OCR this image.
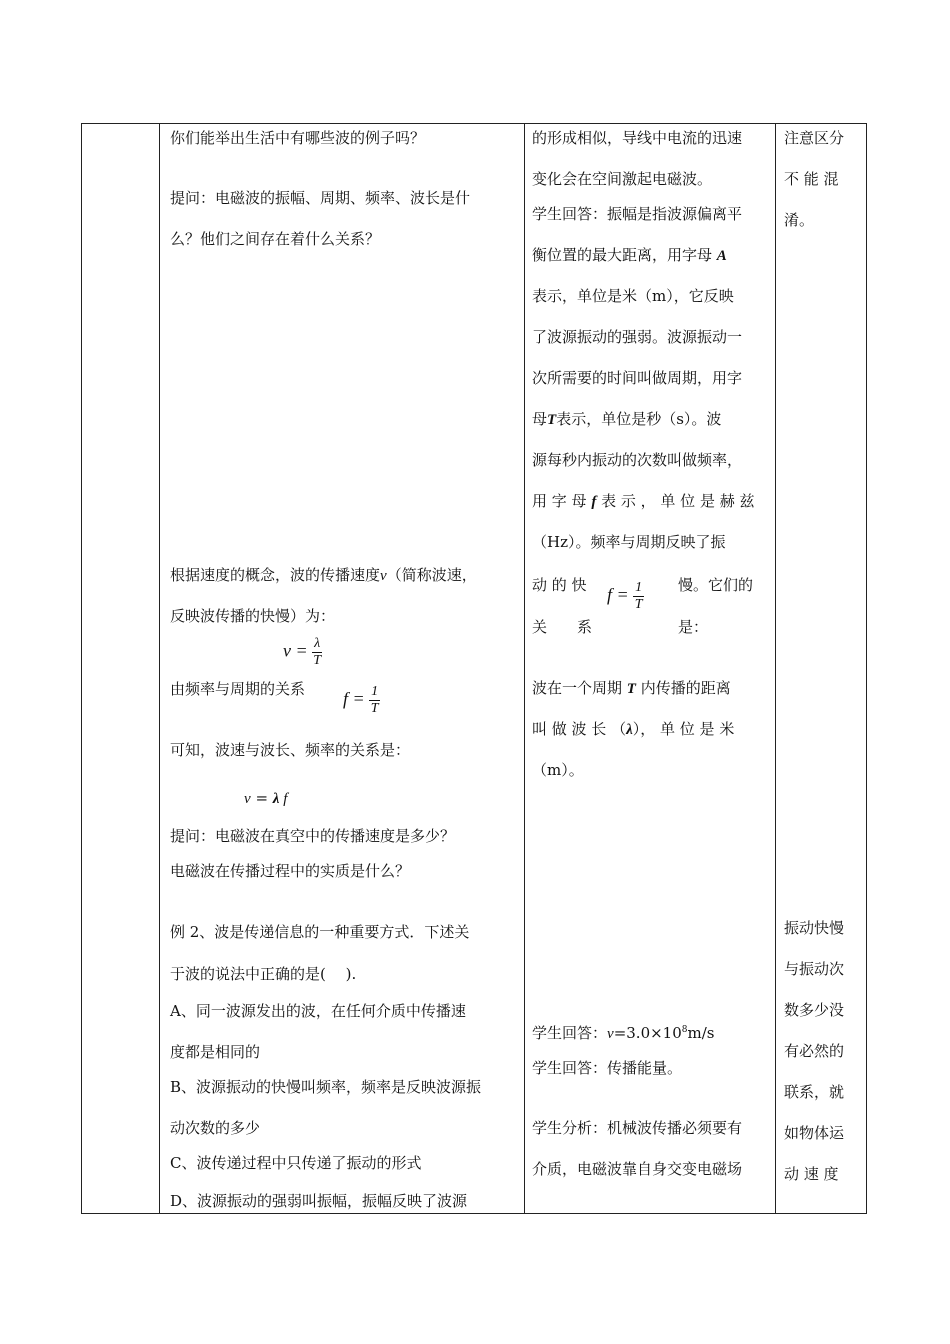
你们能举出生活中有哪些波的例子吗？
提问：电磁波的振幅、周期、频率、波长是什
么？他们之间存在着什么关系？
根据速度的概念，波的传播速度v（简称波速，
反映波传播的快慢）为：
$v = \frac{\lambda}{T}$
由频率与周期的关系 $f = \frac{1}{T}$
可知，波速与波长、频率的关系是：
v = λ f
提问：电磁波在真空中的传播速度是多少？
电磁波在传播过程中的实质是什么？
例 2、波是传递信息的一种重要方式．下述关
于波的说法中正确的是(　 ).
A、同一波源发出的波，在任何介质中传播速
度都是相同的
B、波源振动的快慢叫频率，频率是反映波源振
动次数的多少
C、波传递过程中只传递了振动的形式
D、波源振动的强弱叫振幅，振幅反映了波源
的形成相似，导线中电流的迅速
变化会在空间激起电磁波。
学生回答：振幅是指波源偏离平
衡位置的最大距离，用字母 A
表示，单位是米（m），它反映
了波源振动的强弱。波源振动一
次所需要的时间叫做周期，用字
母T表示，单位是秒（s）。波
源每秒内振动的次数叫做频率，
用 字 母 f 表 示 ， 单 位 是 赫 兹
（Hz）。频率与周期反映了振
动 的 快	慢。它们的
$f = \frac{1}{T}$
关　　系	是：
波在一个周期 T 内传播的距离
叫 做 波 长 （λ）， 单 位 是 米
（m）。
学生回答：$v=3.0\times 10^8m/s$
学生回答：传播能量。
学生分析：机械波传播必须要有
介质，电磁波靠自身交变电磁场
注意区分
不 能 混
淆。
振动快慢
与振动次
数多少没
有必然的
联系，就
如物体运
动 速 度
